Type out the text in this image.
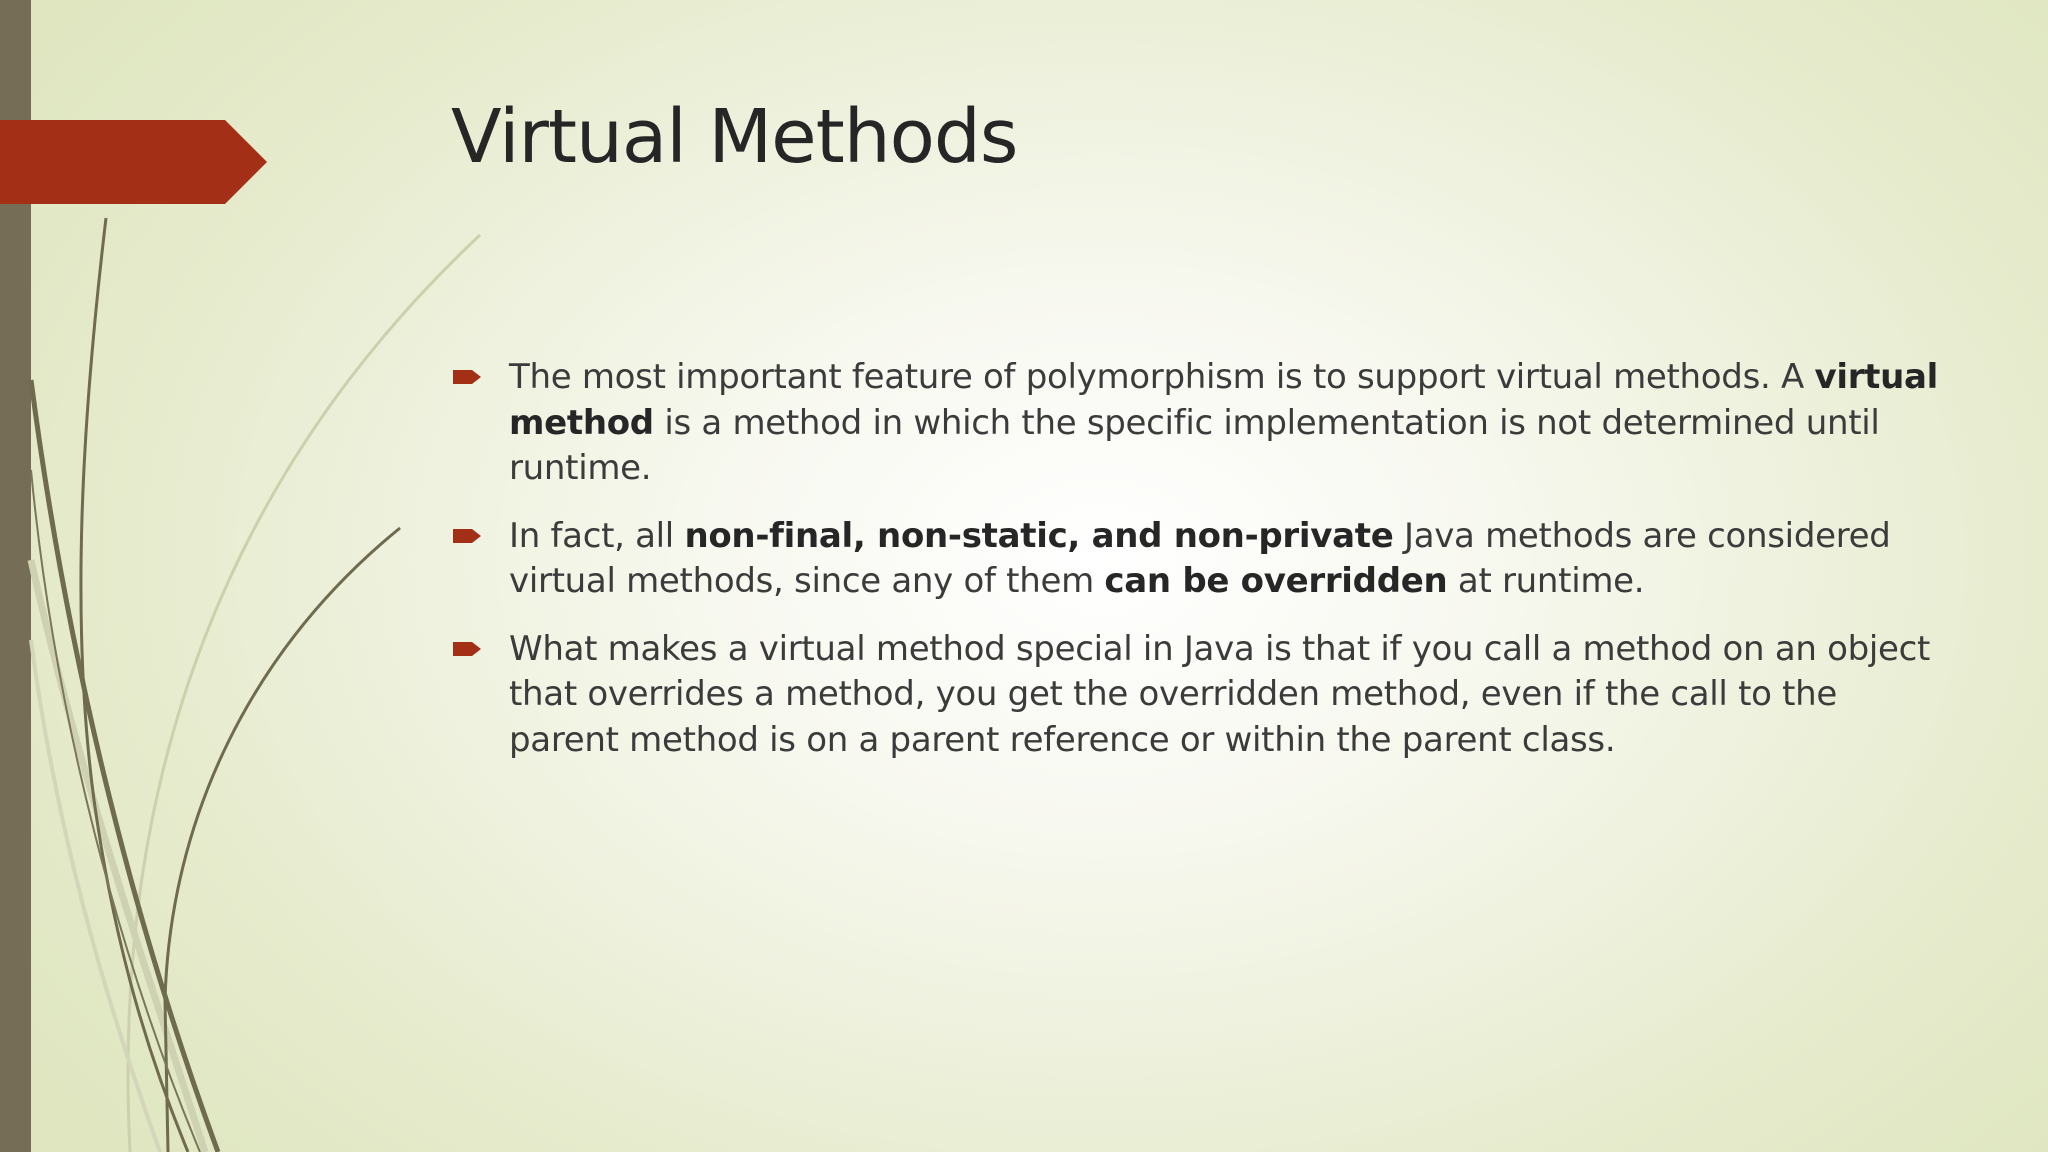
Virtual Methods
The most important feature of polymorphism is to support virtual methods. A virtual method is a method in which the specific implementation is not determined until runtime.
In fact, all non-final, non-static, and non-private Java methods are considered virtual methods, since any of them can be overridden at runtime.
What makes a virtual method special in Java is that if you call a method on an object that overrides a method, you get the overridden method, even if the call to the parent method is on a parent reference or within the parent class.
